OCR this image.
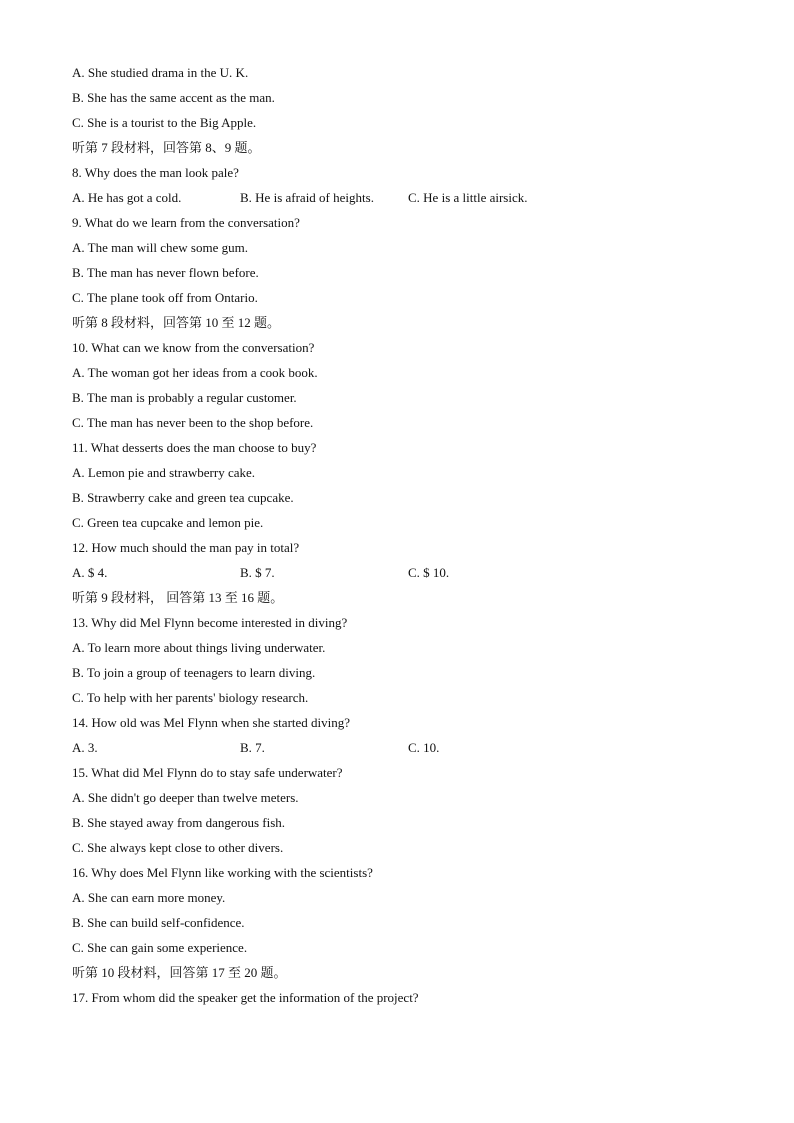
A. She studied drama in the U. K.
B. She has the same accent as the man.
C. She is a tourist to the Big Apple.
听第 7 段材料，回答第 8、9 题。
8. Why does the man look pale?
A. He has got a cold.	B. He is afraid of heights.	C. He is a little airsick.
9. What do we learn from the conversation?
A. The man will chew some gum.
B. The man has never flown before.
C. The plane took off from Ontario.
听第 8 段材料，回答第 10 至 12 题。
10. What can we know from the conversation?
A. The woman got her ideas from a cook book.
B. The man is probably a regular customer.
C. The man has never been to the shop before.
11. What desserts does the man choose to buy?
A. Lemon pie and strawberry cake.
B. Strawberry cake and green tea cupcake.
C. Green tea cupcake and lemon pie.
12. How much should the man pay in total?
A. $ 4.	B. $ 7.	C. $ 10.
听第 9 段材料， 回答第 13 至 16 题。
13. Why did Mel Flynn become interested in diving?
A. To learn more about things living underwater.
B. To join a group of teenagers to learn diving.
C. To help with her parents' biology research.
14. How old was Mel Flynn when she started diving?
A. 3.	B. 7.	C. 10.
15. What did Mel Flynn do to stay safe underwater?
A. She didn't go deeper than twelve meters.
B. She stayed away from dangerous fish.
C. She always kept close to other divers.
16. Why does Mel Flynn like working with the scientists?
A. She can earn more money.
B. She can build self-confidence.
C. She can gain some experience.
听第 10 段材料，回答第 17 至 20 题。
17. From whom did the speaker get the information of the project?
